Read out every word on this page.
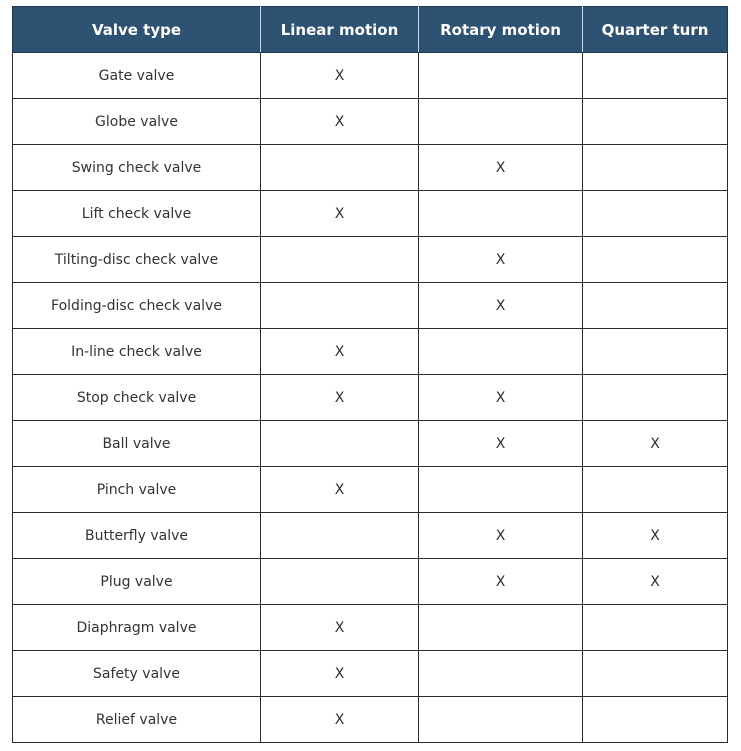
Valve type	Linear motion	Rotary motion	Quarter turn
Gate valve	X		
Globe valve	X		
Swing check valve		X	
Lift check valve	X		
Tilting-disc check valve		X	
Folding-disc check valve		X	
In-line check valve	X		
Stop check valve	X	X	
Ball valve		X	X
Pinch valve	X		
Butterfly valve		X	X
Plug valve		X	X
Diaphragm valve	X		
Safety valve	X		
Relief valve	X		
